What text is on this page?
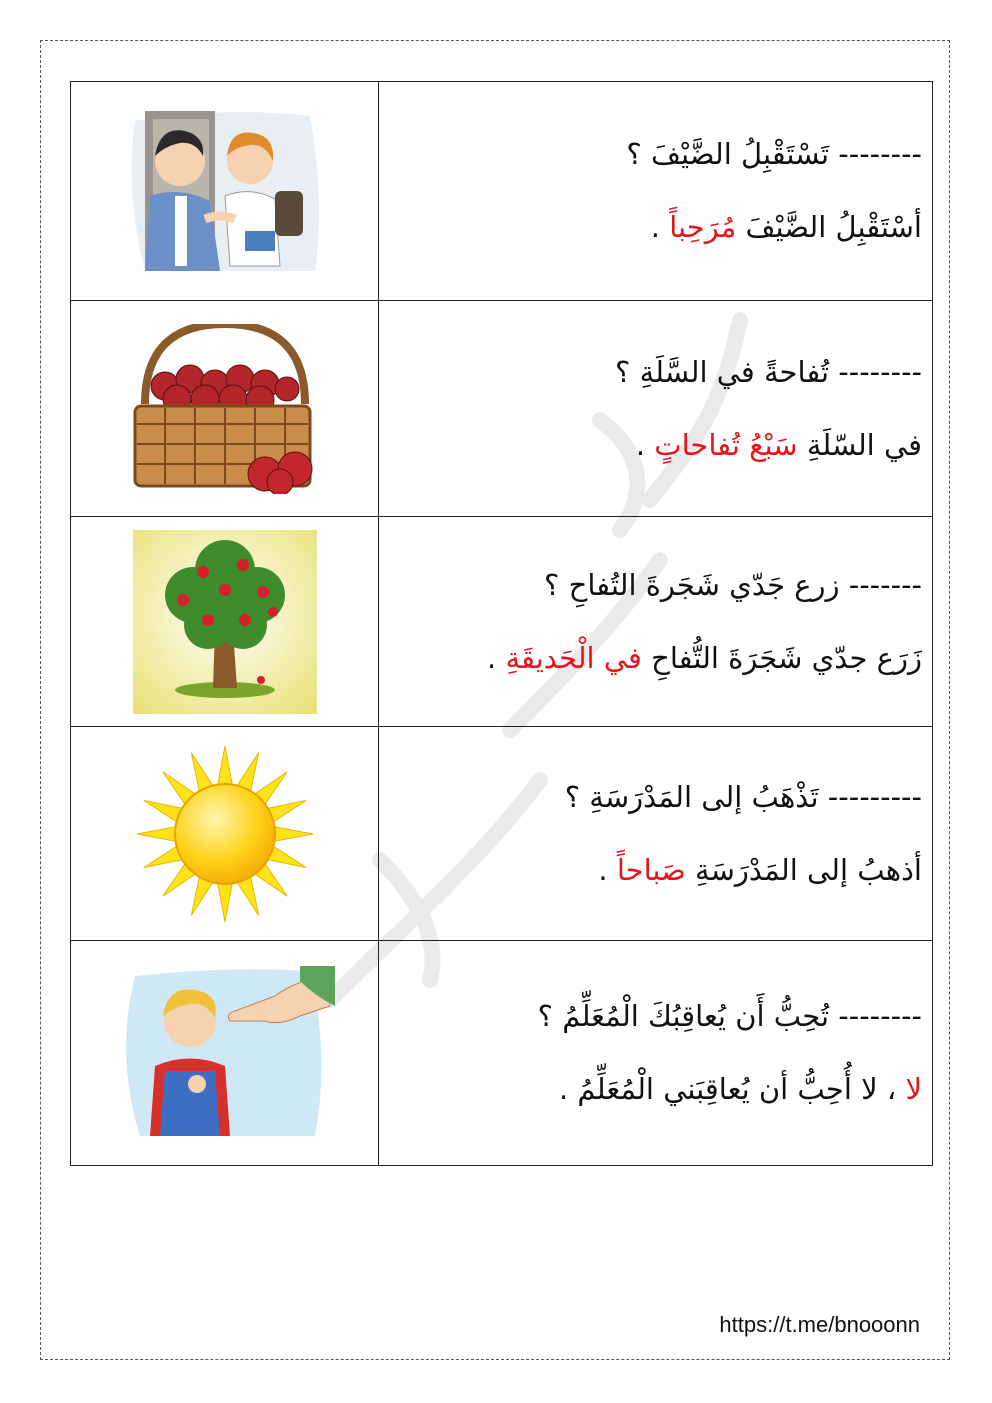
-------- تَسْتَقْبِلُ الضَّيْفَ ؟
أسْتَقْبِلُ الضَّيْفَ مُرَحِباً .

-------- تُفاحةً في السَّلَةِ ؟
في السّلَةِ سَبْعُ تُفاحاتٍ .

------- زرع جَدّي شَجَرةَ التُفاحِ ؟
زَرَع جدّي شَجَرَةَ التُّفاحِ في الْحَديقَةِ .

--------- تَذْهَبُ إلى المَدْرَسَةِ ؟
أذهبُ إلى المَدْرَسَةِ صَباحاً .

-------- تُحِبُّ أَن يُعاقِبُكَ الْمُعَلِّمُ ؟
لا ، لا أُحِبُّ أن يُعاقِبَني الْمُعَلِّمُ .
https://t.me/bnooonn
